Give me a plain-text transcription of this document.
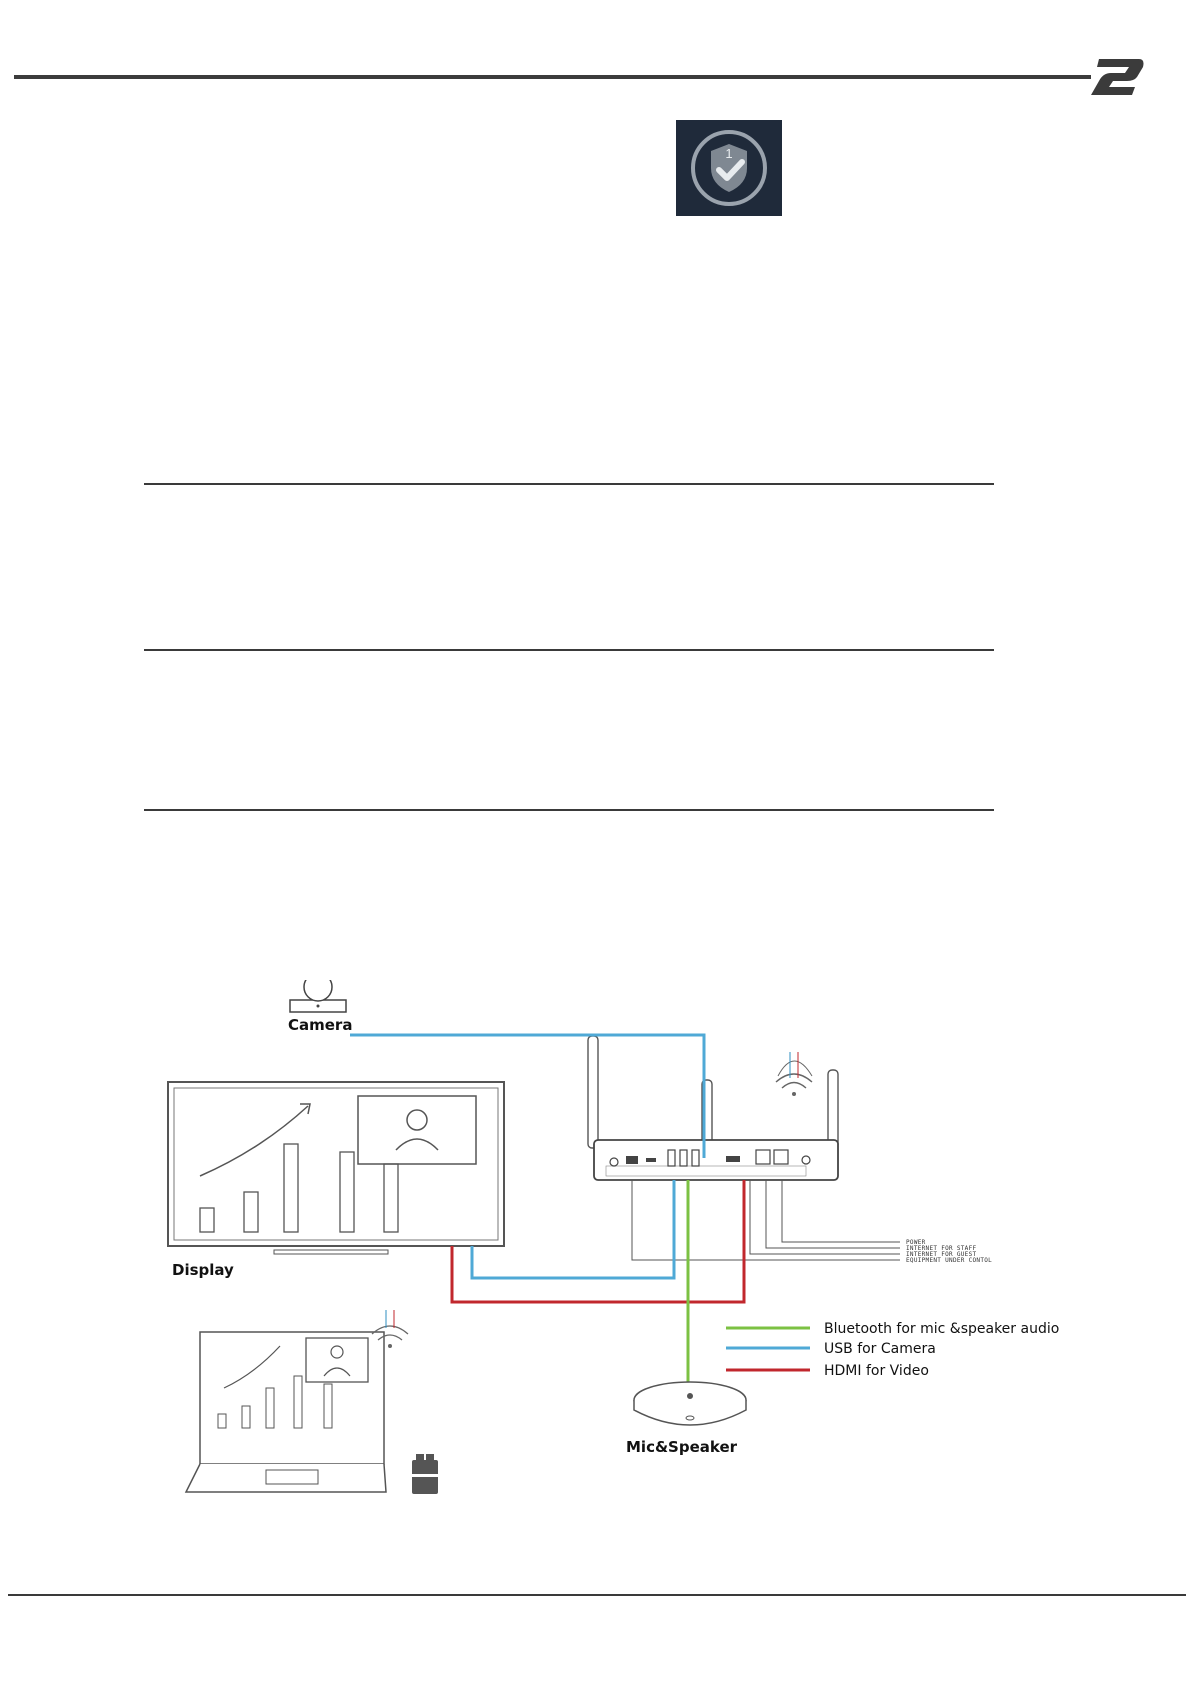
1
Camera
Display
POWER
INTERNET FOR STAFF
INTERNET FOR GUEST
EQUIPMENT UNDER CONTOL
Mic&Speaker
Bluetooth for mic &speaker audio
USB for Camera
HDMI for Video
